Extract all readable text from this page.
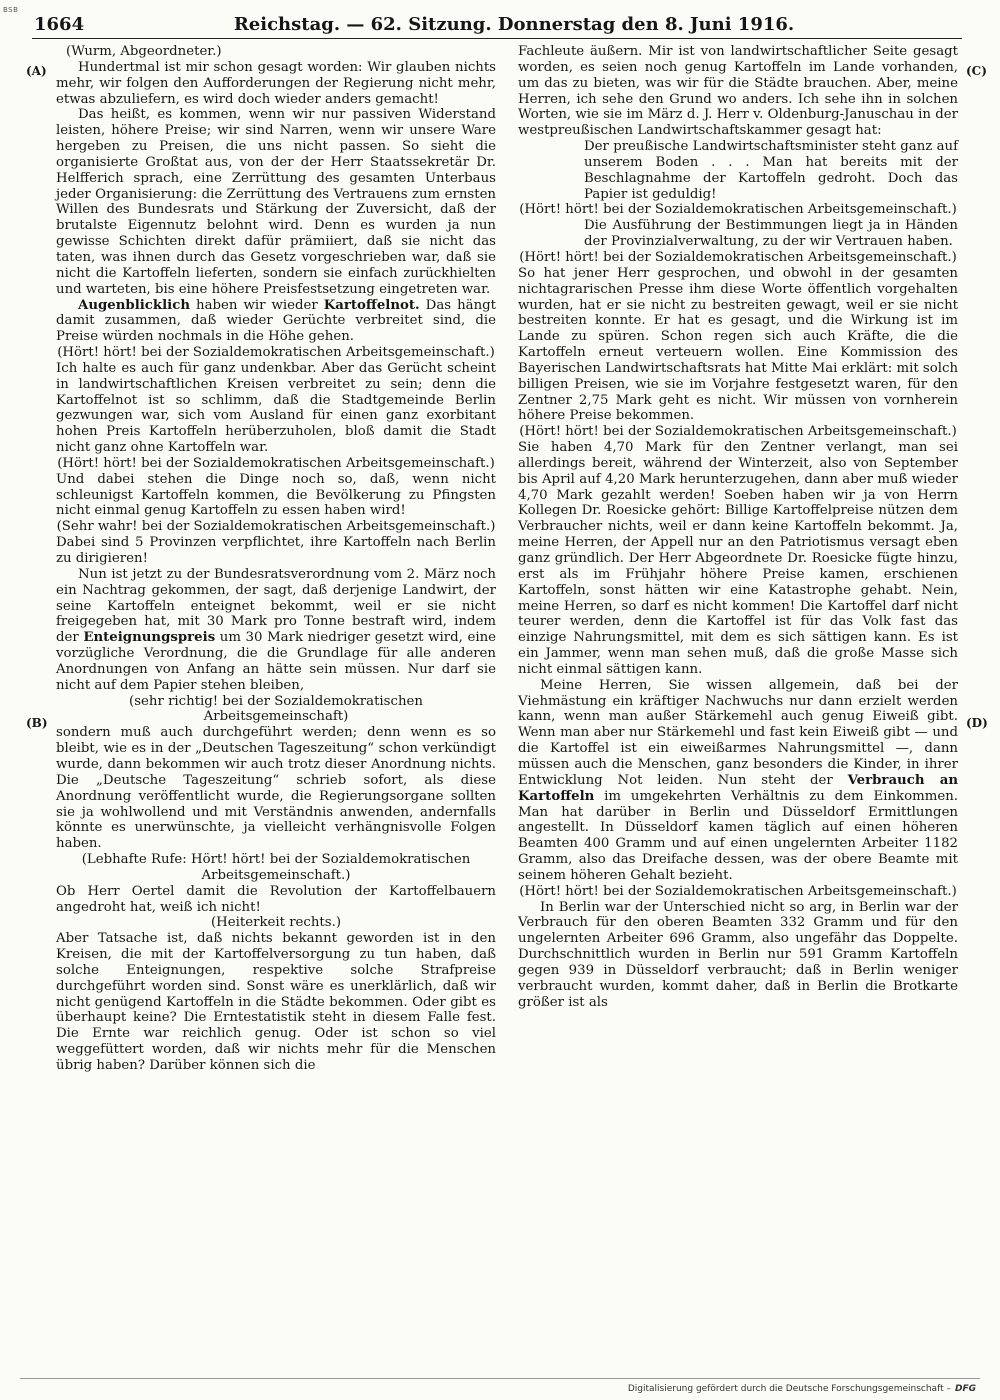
BSB
1664	Reichstag. — 62. Sitzung. Donnerstag den 8. Juni 1916.
(A)
(B)
(C)
(D)

(Wurm, Abgeordneter.)

Hundertmal ist mir schon gesagt worden: Wir glauben nichts mehr, wir folgen den Aufforderungen der Regierung nicht mehr, etwas abzuliefern, es wird doch wieder anders gemacht!

Das heißt, es kommen, wenn wir nur passiven Widerstand leisten, höhere Preise; wir sind Narren, wenn wir unsere Ware hergeben zu Preisen, die uns nicht passen. So sieht die organisierte Großtat aus, von der der Herr Staatssekretär Dr. Helfferich sprach, eine Zerrüttung des gesamten Unterbaus jeder Organisierung: die Zerrüttung des Vertrauens zum ernsten Willen des Bundesrats und Stärkung der Zuversicht, daß der brutalste Eigennutz belohnt wird. Denn es wurden ja nun gewisse Schichten direkt dafür prämiiert, daß sie nicht das taten, was ihnen durch das Gesetz vorgeschrieben war, daß sie nicht die Kartoffeln lieferten, sondern sie einfach zurückhielten und warteten, bis eine höhere Preisfestsetzung eingetreten war.

Augenblicklich haben wir wieder Kartoffelnot. Das hängt damit zusammen, daß wieder Gerüchte verbreitet sind, die Preise würden nochmals in die Höhe gehen.

(Hört! hört! bei der Sozialdemokratischen Arbeitsgemeinschaft.)

Ich halte es auch für ganz undenkbar. Aber das Gerücht scheint in landwirtschaftlichen Kreisen verbreitet zu sein; denn die Kartoffelnot ist so schlimm, daß die Stadtgemeinde Berlin gezwungen war, sich vom Ausland für einen ganz exorbitant hohen Preis Kartoffeln herüberzuholen, bloß damit die Stadt nicht ganz ohne Kartoffeln war.

(Hört! hört! bei der Sozialdemokratischen Arbeitsgemeinschaft.)

Und dabei stehen die Dinge noch so, daß, wenn nicht schleunigst Kartoffeln kommen, die Bevölkerung zu Pfingsten nicht einmal genug Kartoffeln zu essen haben wird!

(Sehr wahr! bei der Sozialdemokratischen Arbeitsgemeinschaft.)

Dabei sind 5 Provinzen verpflichtet, ihre Kartoffeln nach Berlin zu dirigieren!

Nun ist jetzt zu der Bundesratsverordnung vom 2. März noch ein Nachtrag gekommen, der sagt, daß derjenige Landwirt, der seine Kartoffeln enteignet bekommt, weil er sie nicht freigegeben hat, mit 30 Mark pro Tonne bestraft wird, indem der Enteignungspreis um 30 Mark niedriger gesetzt wird, eine vorzügliche Verordnung, die die Grundlage für alle anderen Anordnungen von Anfang an hätte sein müssen. Nur darf sie nicht auf dem Papier stehen bleiben,

(sehr richtig! bei der Sozialdemokratischen Arbeitsgemeinschaft)

sondern muß auch durchgeführt werden; denn wenn es so bleibt, wie es in der „Deutschen Tageszeitung“ schon verkündigt wurde, dann bekommen wir auch trotz dieser Anordnung nichts. Die „Deutsche Tageszeitung“ schrieb sofort, als diese Anordnung veröffentlicht wurde, die Regierungsorgane sollten sie ja wohlwollend und mit Verständnis anwenden, andernfalls könnte es unerwünschte, ja vielleicht verhängnisvolle Folgen haben.

(Lebhafte Rufe: Hört! hört! bei der Sozialdemokratischen Arbeitsgemeinschaft.)

Ob Herr Oertel damit die Revolution der Kartoffelbauern angedroht hat, weiß ich nicht!

(Heiterkeit rechts.)

Aber Tatsache ist, daß nichts bekannt geworden ist in den Kreisen, die mit der Kartoffelversorgung zu tun haben, daß solche Enteignungen, respektive solche Strafpreise durchgeführt worden sind. Sonst wäre es unerklärlich, daß wir nicht genügend Kartoffeln in die Städte bekommen. Oder gibt es überhaupt keine? Die Erntestatistik steht in diesem Falle fest. Die Ernte war reichlich genug. Oder ist schon so viel weggefüttert worden, daß wir nichts mehr für die Menschen übrig haben? Darüber können sich die

Fachleute äußern. Mir ist von landwirtschaftlicher Seite gesagt worden, es seien noch genug Kartoffeln im Lande vorhanden, um das zu bieten, was wir für die Städte brauchen. Aber, meine Herren, ich sehe den Grund wo anders. Ich sehe ihn in solchen Worten, wie sie im März d. J. Herr v. Oldenburg-Januschau in der westpreußischen Landwirtschaftskammer gesagt hat:

Der preußische Landwirtschaftsminister steht ganz auf unserem Boden . . . Man hat bereits mit der Beschlagnahme der Kartoffeln gedroht. Doch das Papier ist geduldig!

(Hört! hört! bei der Sozialdemokratischen Arbeitsgemeinschaft.)

Die Ausführung der Bestimmungen liegt ja in Händen der Provinzialverwaltung, zu der wir Vertrauen haben.

(Hört! hört! bei der Sozialdemokratischen Arbeitsgemeinschaft.)

So hat jener Herr gesprochen, und obwohl in der gesamten nichtagrarischen Presse ihm diese Worte öffentlich vorgehalten wurden, hat er sie nicht zu bestreiten gewagt, weil er sie nicht bestreiten konnte. Er hat es gesagt, und die Wirkung ist im Lande zu spüren. Schon regen sich auch Kräfte, die die Kartoffeln erneut verteuern wollen. Eine Kommission des Bayerischen Landwirtschaftsrats hat Mitte Mai erklärt: mit solch billigen Preisen, wie sie im Vorjahre festgesetzt waren, für den Zentner 2,75 Mark geht es nicht. Wir müssen von vornherein höhere Preise bekommen.

(Hört! hört! bei der Sozialdemokratischen Arbeitsgemeinschaft.)

Sie haben 4,70 Mark für den Zentner verlangt, man sei allerdings bereit, während der Winterzeit, also von September bis April auf 4,20 Mark herunterzugehen, dann aber muß wieder 4,70 Mark gezahlt werden! Soeben haben wir ja von Herrn Kollegen Dr. Roesicke gehört: Billige Kartoffelpreise nützen dem Verbraucher nichts, weil er dann keine Kartoffeln bekommt. Ja, meine Herren, der Appell nur an den Patriotismus versagt eben ganz gründlich. Der Herr Abgeordnete Dr. Roesicke fügte hinzu, erst als im Frühjahr höhere Preise kamen, erschienen Kartoffeln, sonst hätten wir eine Katastrophe gehabt. Nein, meine Herren, so darf es nicht kommen! Die Kartoffel darf nicht teurer werden, denn die Kartoffel ist für das Volk fast das einzige Nahrungsmittel, mit dem es sich sättigen kann. Es ist ein Jammer, wenn man sehen muß, daß die große Masse sich nicht einmal sättigen kann.

Meine Herren, Sie wissen allgemein, daß bei der Viehmästung ein kräftiger Nachwuchs nur dann erzielt werden kann, wenn man außer Stärkemehl auch genug Eiweiß gibt. Wenn man aber nur Stärkemehl und fast kein Eiweiß gibt — und die Kartoffel ist ein eiweißarmes Nahrungsmittel —, dann müssen auch die Menschen, ganz besonders die Kinder, in ihrer Entwicklung Not leiden. Nun steht der Verbrauch an Kartoffeln im umgekehrten Verhältnis zu dem Einkommen. Man hat darüber in Berlin und Düsseldorf Ermittlungen angestellt. In Düsseldorf kamen täglich auf einen höheren Beamten 400 Gramm und auf einen ungelernten Arbeiter 1182 Gramm, also das Dreifache dessen, was der obere Beamte mit seinem höheren Gehalt bezieht.

(Hört! hört! bei der Sozialdemokratischen Arbeitsgemeinschaft.)

In Berlin war der Unterschied nicht so arg, in Berlin war der Verbrauch für den oberen Beamten 332 Gramm und für den ungelernten Arbeiter 696 Gramm, also ungefähr das Doppelte. Durchschnittlich wurden in Berlin nur 591 Gramm Kartoffeln gegen 939 in Düsseldorf verbraucht; daß in Berlin weniger verbraucht wurden, kommt daher, daß in Berlin die Brotkarte größer ist als

Digitalisierung gefördert durch die Deutsche Forschungsgemeinschaft – DFG
